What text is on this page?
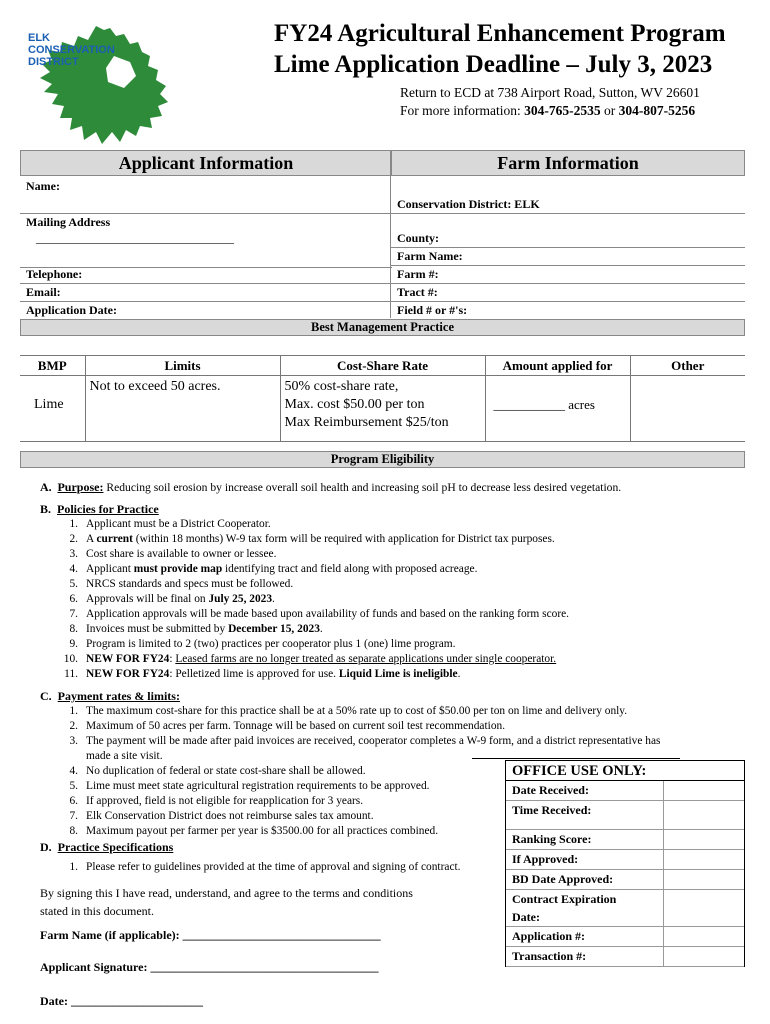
ELK CONSERVATION DISTRICT
FY24 Agricultural Enhancement Program
Lime Application Deadline – July 3, 2023
Return to ECD at 738 Airport Road, Sutton, WV 26601
For more information: 304-765-2535 or 304-807-5256
Applicant Information
Name:
Mailing Address
_________________________________
Telephone:
Email:
Application Date:
Farm Information
Conservation District: ELK
County:
Farm Name:
Farm #:
Tract #:
Field # or #'s:
Best Management Practice
BMP	Limits	Cost-Share Rate	Amount applied for	Other
Lime	Not to exceed 50 acres.	50% cost-share rate,
Max. cost $50.00 per ton
Max Reimbursement $25/ton	___________ acres	
Program Eligibility
A. Purpose: Reducing soil erosion by increase overall soil health and increasing soil pH to decrease less desired vegetation.
B. Policies for Practice
1. Applicant must be a District Cooperator.
2. A current (within 18 months) W-9 tax form will be required with application for District tax purposes.
3. Cost share is available to owner or lessee.
4. Applicant must provide map identifying tract and field along with proposed acreage.
5. NRCS standards and specs must be followed.
6. Approvals will be final on July 25, 2023.
7. Application approvals will be made based upon availability of funds and based on the ranking form score.
8. Invoices must be submitted by December 15, 2023.
9. Program is limited to 2 (two) practices per cooperator plus 1 (one) lime program.
10. NEW FOR FY24: Leased farms are no longer treated as separate applications under single cooperator.
11. NEW FOR FY24: Pelletized lime is approved for use. Liquid Lime is ineligible.
C. Payment rates & limits:
1. The maximum cost-share for this practice shall be at a 50% rate up to cost of $50.00 per ton on lime and delivery only.
2. Maximum of 50 acres per farm. Tonnage will be based on current soil test recommendation.
3. The payment will be made after paid invoices are received, cooperator completes a W-9 form, and a district representative has
made a site visit.
4. No duplication of federal or state cost-share shall be allowed.
5. Lime must meet state agricultural registration requirements to be approved.
6. If approved, field is not eligible for reapplication for 3 years.
7. Elk Conservation District does not reimburse sales tax amount.
8. Maximum payout per farmer per year is $3500.00 for all practices combined.
D. Practice Specifications
1. Please refer to guidelines provided at the time of approval and signing of contract.
By signing this I have read, understand, and agree to the terms and conditions
stated in this document.
Farm Name (if applicable): _________________________________
Applicant Signature: ______________________________________
Date: ______________________
OFFICE USE ONLY:
Date Received:
Time Received:
Ranking Score:
If Approved:
BD Date Approved:
Contract Expiration
Date:
Application #:
Transaction #:
